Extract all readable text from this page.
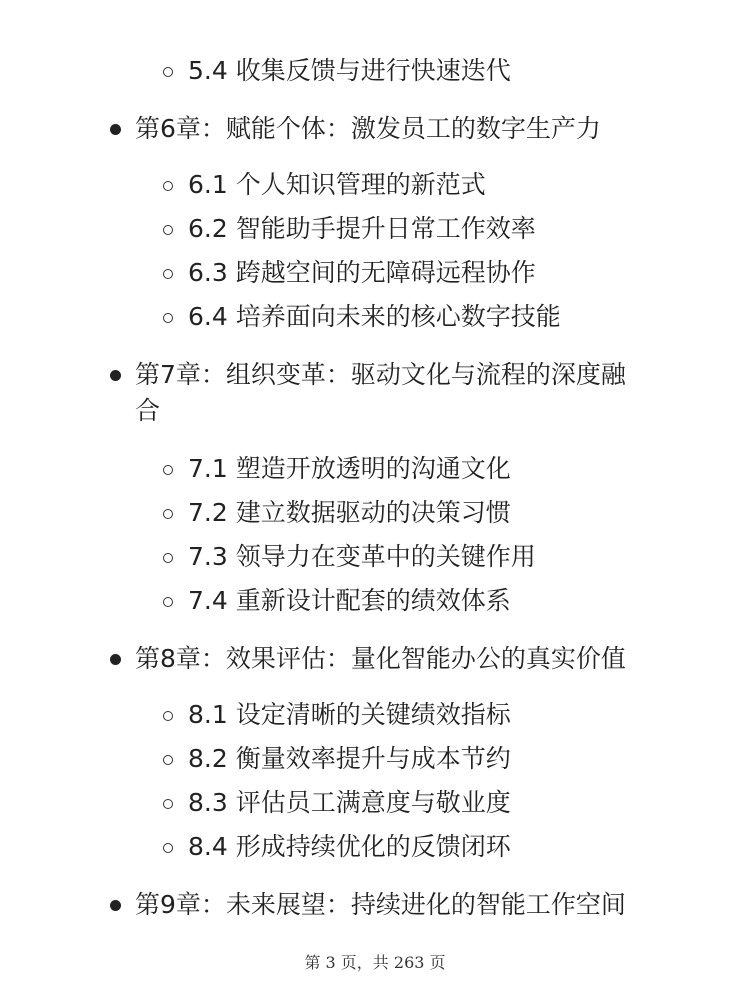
5.4 收集反馈与进行快速迭代
第6章：赋能个体：激发员工的数字生产力
6.1 个人知识管理的新范式
6.2 智能助手提升日常工作效率
6.3 跨越空间的无障碍远程协作
6.4 培养面向未来的核心数字技能
第7章：组织变革：驱动文化与流程的深度融
合
7.1 塑造开放透明的沟通文化
7.2 建立数据驱动的决策习惯
7.3 领导力在变革中的关键作用
7.4 重新设计配套的绩效体系
第8章：效果评估：量化智能办公的真实价值
8.1 设定清晰的关键绩效指标
8.2 衡量效率提升与成本节约
8.3 评估员工满意度与敬业度
8.4 形成持续优化的反馈闭环
第9章：未来展望：持续进化的智能工作空间
第 3 页，共 263 页
